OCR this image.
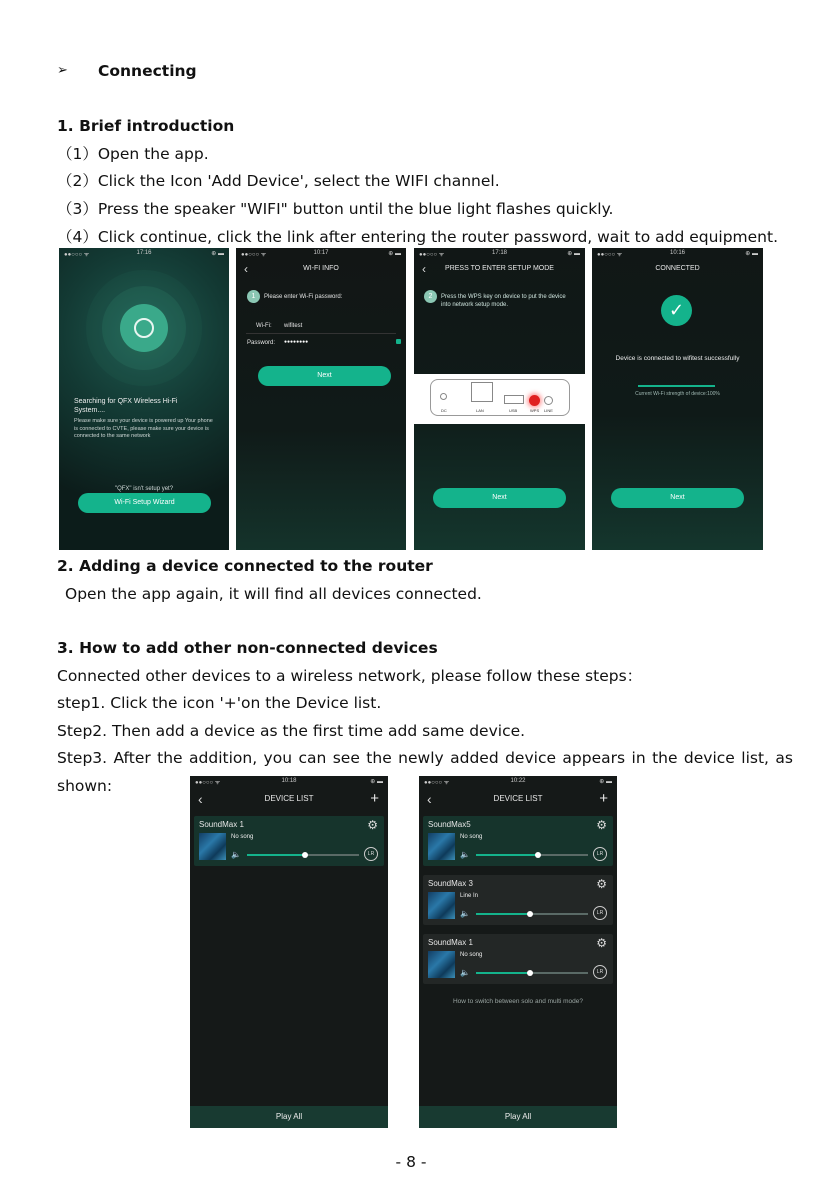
➢ Connecting
1. Brief introduction
（1）Open the app.
（2）Click the Icon 'Add Device', select the WIFI channel.
（3）Press the speaker "WIFI" button until the blue light flashes quickly.
（4）Click continue, click the link after entering the router password, wait to add equipment.
●●○○○ ᯤ	17:16	⊕ ▬
Searching for QFX Wireless Hi-Fi System....
Please make sure your device is powered up Your phone is connected to CVTE, please make sure your device is connected to the same network
"QFX" isn't setup yet?
Wi-Fi Setup Wizard
●●○○○ ᯤ	10:17	⊕ ▬
‹	WI-FI INFO
1	Please enter Wi-Fi password:
Wi-Fi: wifitest
Password: ●●●●●●●●
Next
●●○○○ ᯤ	17:18	⊕ ▬
‹	PRESS TO ENTER SETUP MODE
2	Press the WPS key on device to put the device into network setup mode.
DC	LAN	USB	WPS LINE
Next
●●○○○ ᯤ	10:16	⊕ ▬
CONNECTED
✓
Device is connected to wifitest successfully
Current Wi-Fi strength of device:100%
Next
2. Adding a device connected to the router
Open the app again, it will find all devices connected.
3. How to add other non-connected devices
Connected other devices to a wireless network, please follow these steps：
step1. Click the icon '+'on the Device list.
Step2. Then add a device as the first time add same device.
Step3. After the addition, you can see the newly added device appears in the device list, as
shown:	●●○○○ ᯤ	10:18	⊕ ▬
‹	DEVICE LIST	+
SoundMax 1	⚙
No song
🔈	LR
Play All
●●○○○ ᯤ	10:22	⊕ ▬
‹	DEVICE LIST	+
SoundMax5	⚙
No song
🔈	LR
SoundMax 3	⚙
Line In
🔈	LR
SoundMax 1	⚙
No song
🔈	LR
How to switch between solo and multi mode?
Play All
- 8 -
